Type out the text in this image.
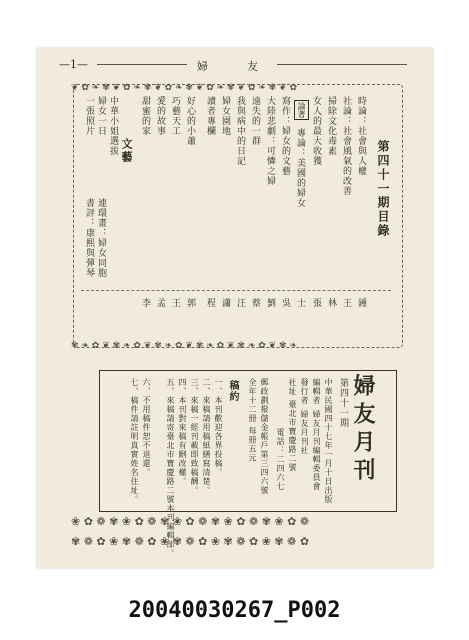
—1—	婦　友
❦ ✿ ❧ ✾ ❦ ✿ ❧ ✾ ❦ ✿ ❧ ✾ ❦ ✿ ❧ ✾ ❦ ✿ ❧ ✾ ❦ ✿
✾ ❧ ✿ ❦ ✾ ❧ ✿ ❦ ✾ ❧ ✿ ❦ ✾ ❧ ✿ ❦ ✾ ❧ ✿ ❦ ✾ ❧
第四十一期目錄
時論：社會與人權
社論：社會風氣的改善
掃除文化毒素
女人的最大收獲
論著
專論：美國的婦女
寫作：婦女的文藝
大陸悲劇：可憐之婦
遠失的一群
我與病中的日記
婦女園地
讀者專欄
好心的小蕭
巧藝天工
愛的故事
甜蜜的家
文藝
中華小姐選拔
婦女一日
一張照片
書評：康熙與彈琴 連環畫：婦女同胞
鍾
王
林
張
士
吳
劉
蔡
汪
瀟
程
郭
王
孟
李
婦友月刊
第四十一期
中華民國四十七年一月十日出版
編輯者
婦友月刊編輯委員會
發行者
婦友月刊社
社址
臺北市寶慶路二號
電話：二四六七
郵政劃撥儲金帳戶第三四六號
全年十二冊 每冊五元
稿約
一、本刊歡迎各界投稿。
二、來稿請用稿紙繕寫清楚。
三、來稿一經刊載即致稿酬。
四、本刊對來稿有刪改權。
五、來稿請寄臺北市寶慶路二號本刊編輯部。
六、不用稿件恕不退還。
七、稿件請註明真實姓名住址。
❀ ✿ ❁ ✾ ❀ ✿ ❁ ✾ ❀ ✿ ❁ ✾ ❀ ✿ ❁ ✾ ❀ ✿ ❁
✾ ❁ ✿ ❀ ✾ ❁ ✿ ❀ ✾ ❁ ✿ ❀ ✾ ❁ ✿ ❀ ✾ ❁ ✿
20040030267_P002
